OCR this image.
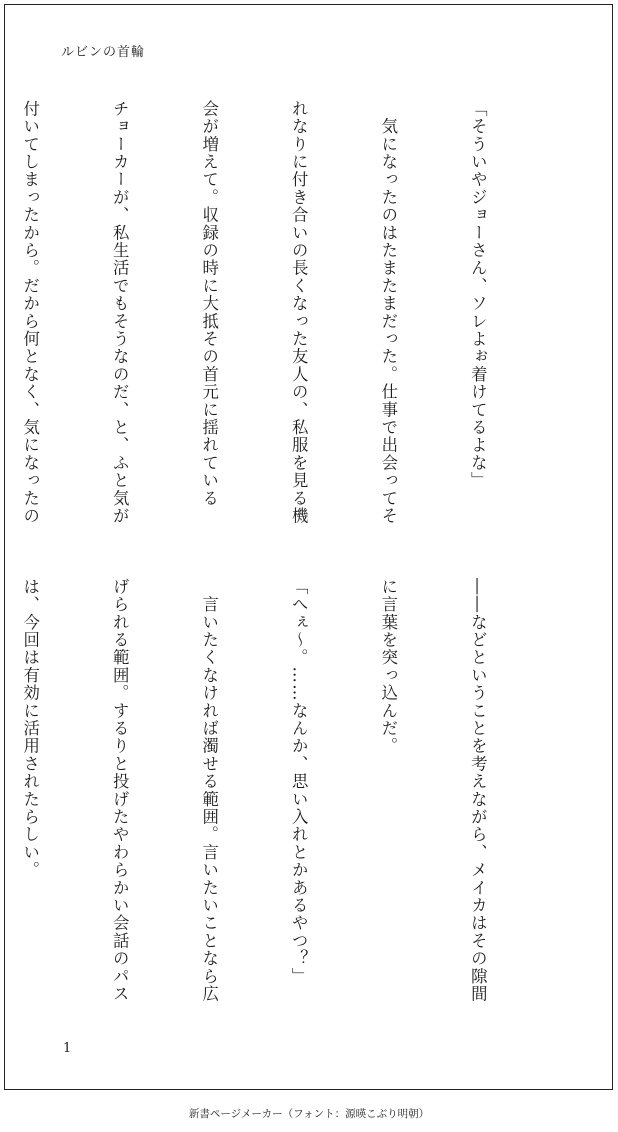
ルビンの首輪

「そういやジョーさん、ソレよぉ着けてるよな」

　気になったのはたまたまだった。仕事で出会ってそ

れなりに付き合いの長くなった友人の、私服を見る機

会が増えて。収録の時に大抵その首元に揺れている

チョーカーが、私生活でもそうなのだ、と、ふと気が

付いてしまったから。だから何となく、気になったの

――などということを考えながら、メイカはその隙間

に言葉を突っ込んだ。

「へぇ～。……なんか、思い入れとかあるやつ？」

　言いたくなければ濁せる範囲。言いたいことなら広

げられる範囲。するりと投げたやわらかい会話のパス

は、今回は有効に活用されたらしい。

1
新書ページメーカー（フォント：源暎こぶり明朝）
